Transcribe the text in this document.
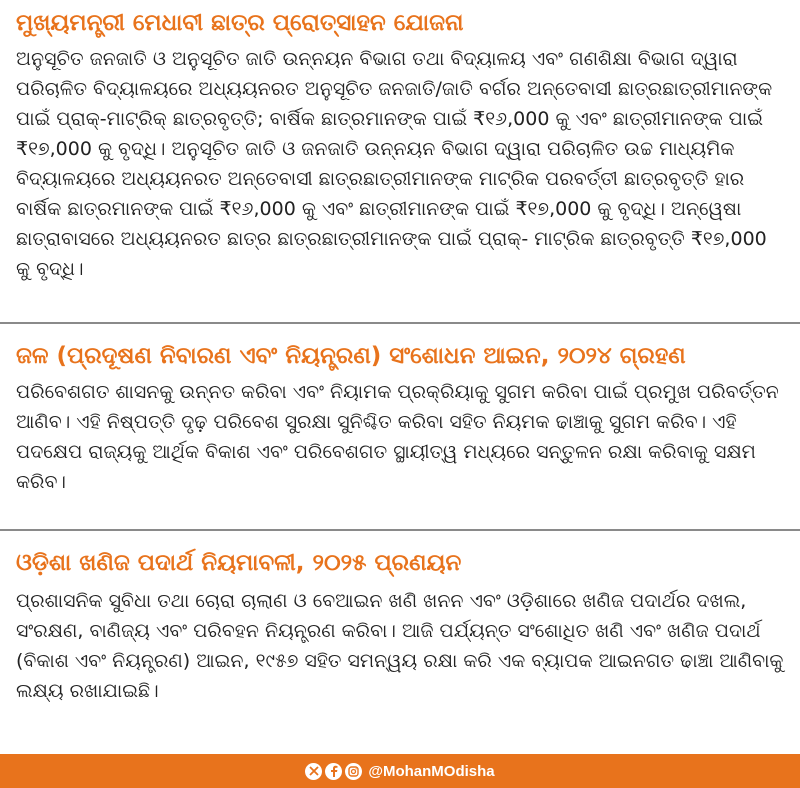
ମୁଖ୍ୟମନ୍ତ୍ରୀ ମେଧାବୀ ଛାତ୍ର ପ୍ରୋତ୍ସାହନ ଯୋଜନା
ଅନୁସୂଚିତ ଜନଜାତି ଓ ଅନୁସୂଚିତ ଜାତି ଉନ୍ନୟନ ବିଭାଗ ତଥା ବିଦ୍ୟାଳୟ ଏବଂ ଗଣଶିକ୍ଷା ବିଭାଗ ଦ୍ୱାରା ପରିଚାଳିତ ବିଦ୍ୟାଳୟରେ ଅଧ୍ୟୟନରତ ଅନୁସୂଚିତ ଜନଜାତି/ଜାତି ବର୍ଗର ଅନ୍ତେବାସୀ ଛାତ୍ରଛାତ୍ରୀମାନଙ୍କ ପାଇଁ ପ୍ରାକ୍-ମାଟ୍ରିକ୍ ଛାତ୍ରବୃତ୍ତି; ବାର୍ଷିକ ଛାତ୍ରମାନଙ୍କ ପାଇଁ ₹୧୬,000 କୁ ଏବଂ ଛାତ୍ରୀମାନଙ୍କ ପାଇଁ ₹୧୭,000 କୁ ବୃଦ୍ଧି। ଅନୁସୂଚିତ ଜାତି ଓ ଜନଜାତି ଉନ୍ନୟନ ବିଭାଗ ଦ୍ୱାରା ପରିଚାଳିତ ଉଚ୍ଚ ମାଧ୍ୟମିକ ବିଦ୍ୟାଳୟରେ ଅଧ୍ୟୟନରତ ଅନ୍ତେବାସୀ ଛାତ୍ରଛାତ୍ରୀମାନଙ୍କ ମାଟ୍ରିକ ପରବର୍ତ୍ତୀ ଛାତ୍ରବୃତ୍ତି ହାର ବାର୍ଷିକ ଛାତ୍ରମାନଙ୍କ ପାଇଁ ₹୧୬,000 କୁ ଏବଂ ଛାତ୍ରୀମାନଙ୍କ ପାଇଁ ₹୧୭,000 କୁ ବୃଦ୍ଧି। ଅନ୍ୱେଷା ଛାତ୍ରାବାସରେ ଅଧ୍ୟୟନରତ ଛାତ୍ର ଛାତ୍ରଛାତ୍ରୀମାନଙ୍କ ପାଇଁ ପ୍ରାକ୍- ମାଟ୍ରିକ ଛାତ୍ରବୃତ୍ତି ₹୧୭,000 କୁ ବୃଦ୍ଧି।
ଜଳ (ପ୍ରଦୂଷଣ ନିବାରଣ ଏବଂ ନିୟନ୍ତ୍ରଣ) ସଂଶୋଧନ ଆଇନ, ୨୦୨୪ ଗ୍ରହଣ
ପରିବେଶଗତ ଶାସନକୁ ଉନ୍ନତ କରିବା ଏବଂ ନିୟାମକ ପ୍ରକ୍ରିୟାକୁ ସୁଗମ କରିବା ପାଇଁ ପ୍ରମୁଖ ପରିବର୍ତ୍ତନ ଆଣିବ। ଏହି ନିଷ୍ପତ୍ତି ଦୃଢ଼ ପରିବେଶ ସୁରକ୍ଷା ସୁନିଶ୍ଚିତ କରିବା ସହିତ ନିୟମକ ଢାଞ୍ଚାକୁ ସୁଗମ କରିବ। ଏହି ପଦକ୍ଷେପ ରାଜ୍ୟକୁ ଆର୍ଥିକ ବିକାଶ ଏବଂ ପରିବେଶଗତ ସ୍ଥାୟୀତ୍ୱ ମଧ୍ୟରେ ସନ୍ତୁଳନ ରକ୍ଷା କରିବାକୁ ସକ୍ଷମ କରିବ।
ଓଡ଼ିଶା ଖଣିଜ ପଦାର୍ଥ ନିୟମାବଳୀ, ୨୦୨୫ ପ୍ରଣୟନ
ପ୍ରଶାସନିକ ସୁବିଧା ତଥା ଚୋରା ଚାଲାଣ ଓ ବେଆଇନ ଖଣି ଖନନ ଏବଂ ଓଡ଼ିଶାରେ ଖଣିଜ ପଦାର୍ଥର ଦଖଲ, ସଂରକ୍ଷଣ, ବାଣିଜ୍ୟ ଏବଂ ପରିବହନ ନିୟନ୍ତ୍ରଣ କରିବା। ଆଜି ପର୍ଯ୍ୟନ୍ତ ସଂଶୋଧିତ ଖଣି ଏବଂ ଖଣିଜ ପଦାର୍ଥ (ବିକାଶ ଏବଂ ନିୟନ୍ତ୍ରଣ) ଆଇନ, ୧୯୫୭ ସହିତ ସମନ୍ୱୟ ରକ୍ଷା କରି ଏକ ବ୍ୟାପକ ଆଇନଗତ ଢାଞ୍ଚା ଆଣିବାକୁ ଲକ୍ଷ୍ୟ ରଖାଯାଇଛି।
@MohanMOdisha
